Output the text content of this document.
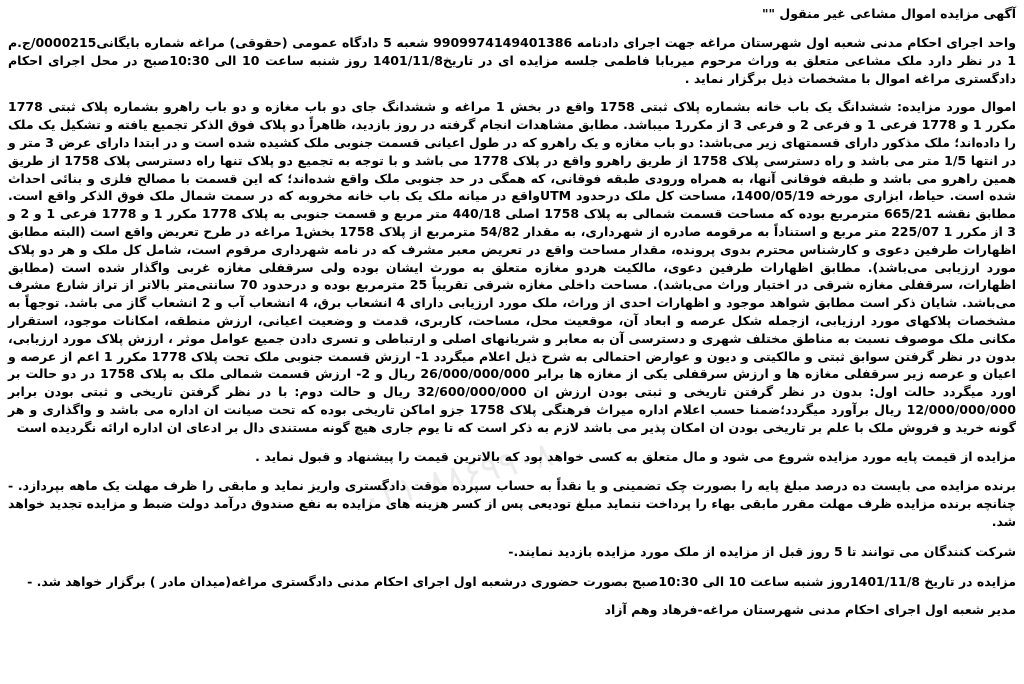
آگهی مزایده اموال مشاعی غیر منقول ""

واحد اجرای احکام مدنی شعبه اول شهرستان مراغه جهت اجرای دادنامه 9909974149401386 شعبه 5 دادگاه عمومی (حقوقی) مراغه شماره بایگانی0000215/ج.م 1 در نظر دارد ملک مشاعی متعلق به وراث مرحوم میربابا فاطمی جلسه مزایده ای در تاریخ1401/11/8 روز شنبه ساعت 10 الی 10:30صبح در محل اجرای احکام دادگستری مراغه اموال با مشخصات ذیل برگزار نماید .

اموال مورد مزایده: ششدانگ یک باب خانه بشماره پلاک ثبتی 1758 واقع در بخش 1 مراغه و ششدانگ جای دو باب مغازه و دو باب راهرو بشماره پلاک ثبتی 1778 مکرر 1 و 1778 فرعی 1 و فرعی 2 و فرعی 3 از مکرر1 میباشد. مطابق مشاهدات انجام گرفته در روز بازدید، ظاهراً دو پلاک فوق الذکر تجمیع یافته و تشکیل یک ملک را داده‌اند؛ ملک مذکور دارای قسمتهای زیر می‌باشد: دو باب مغازه و یک راهرو که در طول اعیانی قسمت جنوبی ملک کشیده شده است و در ابتدا دارای عرض 3 متر و در انتها 1/5 متر می باشد و راه دسترسی پلاک 1758 از طریق راهرو واقع در پلاک 1778 می باشد و با توجه به تجمیع دو پلاک تنها راه دسترسی پلاک 1758 از طریق همین راهرو می باشد و طبقه فوقانی آنها، به همراه ورودی طبقه فوقانی، که همگی در حد جنوبی ملک واقع شده‌اند؛ که این قسمت با مصالح فلزی و بنائی احداث شده است. حیاط، ابزاری مورخه 1400/05/19، مساحت کل ملک درحدود UTMواقع در میانه ملک یک باب خانه مخروبه که در سمت شمال ملک فوق الذکر واقع است. مطابق نقشه 665/21 مترمربع بوده که مساحت قسمت شمالی به پلاک 1758 اصلی 440/18 متر مربع و قسمت جنوبی به پلاک 1778 مکرر 1 و 1778 فرعی 1 و 2 و 3 از مکرر 1 225/07 متر مربع و استناداً به مرقومه صادره از شهرداری، به مقدار 54/82 مترمربع از پلاک 1758 بخش1 مراغه در طرح تعریض واقع است (البته مطابق اظهارات طرفین دعوی و کارشناس محترم بدوی پرونده، مقدار مساحت واقع در تعریض معبر مشرف که در نامه شهرداری مرقوم است، شامل کل ملک و هر دو پلاک مورد ارزیابی می‌باشد). مطابق اظهارات طرفین دعوی، مالکیت هردو مغازه متعلق به مورث ایشان بوده ولی سرقفلی مغازه غربی واگذار شده است (مطابق اظهارات، سرقفلی مغازه شرقی در اختیار وراث می‌باشد). مساحت داخلی مغازه شرقی تقریباً 25 مترمربع بوده و درحدود 70 سانتی‌متر بالاتر از تراز شارع مشرف می‌باشد. شایان ذکر است مطابق شواهد موجود و اظهارات احدی از وراث، ملک مورد ارزیابی دارای 4 انشعاب برق، 4 انشعاب آب و 2 انشعاب گاز می باشد. توجهاً به مشخصات پلاکهای مورد ارزیابی، ازجمله شکل عرصه و ابعاد آن، موقعیت محل، مساحت، کاربری، قدمت و وضعیت اعیانی، ارزش منطقه، امکانات موجود، استقرار مکانی ملک موصوف نسبت به مناطق مختلف شهری و دسترسی آن به معابر و شریانهای اصلی و ارتباطی و تسری دادن جمیع عوامل موثر ، ارزش پلاک مورد ارزیابی، بدون در نظر گرفتن سوابق ثبتی و مالکیتی و دیون و عوارض احتمالی به شرح ذیل اعلام میگردد 1- ارزش قسمت جنوبی ملک تحت پلاک 1778 مکرر 1 اعم از عرصه و اعیان و عرصه زیر سرقفلی مغازه ها و ارزش سرقفلی یکی از مغازه ها برابر 26/000/000/000 ریال و 2- ارزش قسمت شمالی ملک به پلاک 1758 در دو حالت بر اورد میگردد حالت اول: بدون در نظر گرفتن تاریخی و ثبتی بودن ارزش ان 32/600/000/000 ریال و حالت دوم: با در نظر گرفتن تاریخی و ثبتی بودن برابر 12/000/000/000 ریال برآورد میگردد؛ضمنا حسب اعلام اداره میراث فرهنگی پلاک 1758 جزو اماکن تاریخی بوده که تحت صیانت ان اداره می باشد و واگذاری و هر گونه خرید و فروش ملک با علم بر تاریخی بودن ان امکان پذیر می باشد لازم به ذکر است که تا یوم جاری هیچ گونه مستندی دال بر ادعای ان اداره ارائه نگردیده است

مزایده از قیمت پایه مورد مزایده شروع می شود و مال متعلق به کسی خواهد بود که بالاترین قیمت را پیشنهاد و قبول نماید .

برنده مزایده می بایست ده درصد مبلغ پایه را بصورت چک تضمینی و یا نقداً به حساب سپرده موقت دادگستری واریز نماید و مابقی را ظرف مهلت یک ماهه بپردازد. - چنانچه برنده مزایده ظرف مهلت مقرر مابقی بهاء را پرداخت ننماید مبلغ تودیعی پس از کسر هزینه های مزایده به نفع صندوق درآمد دولت ضبط و مزایده تجدید خواهد شد.

شرکت کنندگان می توانند تا 5 روز قبل از مزایده از ملک مورد مزایده بازدید نمایند.-

مزایده در تاریخ 1401/11/8روز شنبه ساعت 10 الی 10:30صبح بصورت حضوری درشعبه اول اجرای احکام مدنی دادگستری مراغه(میدان مادر ) برگزار خواهد شد. -

مدیر شعبه اول اجرای احکام مدنی شهرستان مراغه-فرهاد وهم آزاد

۰۲۱-۸۸۶۹۹۰۸۰
